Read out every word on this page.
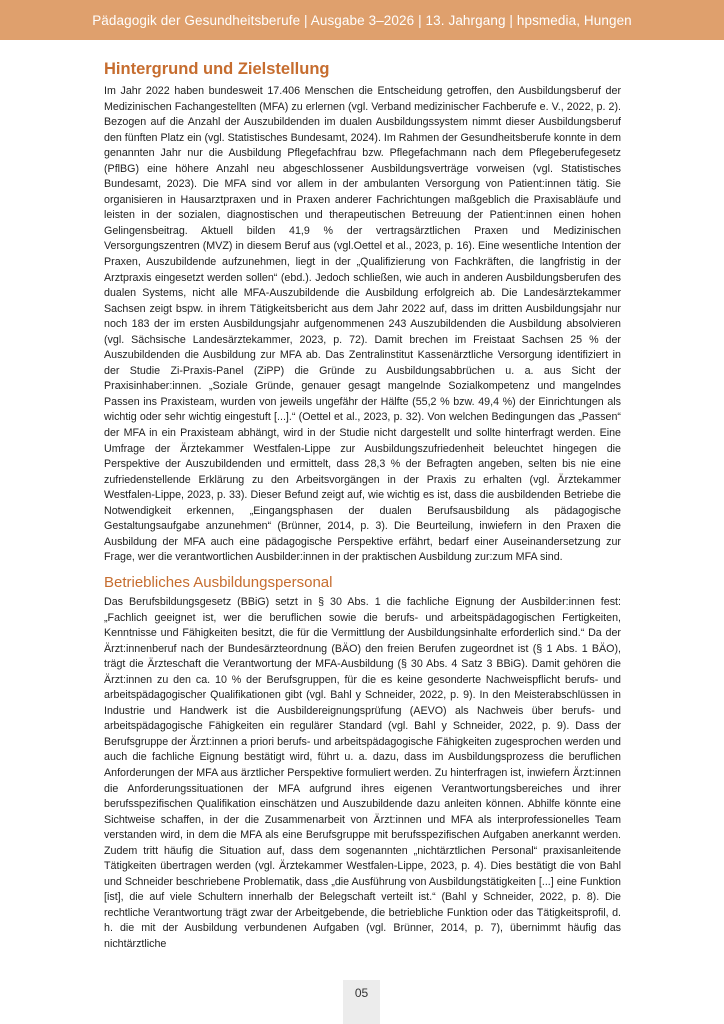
Pädagogik der Gesundheitsberufe | Ausgabe 3–2026 | 13. Jahrgang | hpsmedia, Hungen
Hintergrund und Zielstellung

Im Jahr 2022 haben bundesweit 17.406 Menschen die Entscheidung getroffen, den Ausbildungsberuf der Medizinischen Fachangestellten (MFA) zu erlernen (vgl. Verband medizinischer Fachberufe e. V., 2022, p. 2). Bezogen auf die Anzahl der Auszubildenden im dualen Ausbildungssystem nimmt dieser Ausbildungsberuf den fünften Platz ein (vgl. Statistisches Bundesamt, 2024). Im Rahmen der Gesundheitsberufe konnte in dem genannten Jahr nur die Ausbildung Pflegefachfrau bzw. Pflegefachmann nach dem Pflegeberufegesetz (PflBG) eine höhere Anzahl neu abgeschlossener Ausbildungsverträge vorweisen (vgl. Statistisches Bundesamt, 2023). Die MFA sind vor allem in der ambulanten Versorgung von Patient:innen tätig. Sie organisieren in Hausarztpraxen und in Praxen anderer Fachrichtungen maßgeblich die Praxisabläufe und leisten in der sozialen, diagnostischen und therapeutischen Betreuung der Patient:innen einen hohen Gelingensbeitrag. Aktuell bilden 41,9 % der vertragsärztlichen Praxen und Medizinischen Versorgungszentren (MVZ) in diesem Beruf aus (vgl.Oettel et al., 2023, p. 16). Eine wesentliche Intention der Praxen, Auszubildende aufzunehmen, liegt in der „Qualifizierung von Fachkräften, die langfristig in der Arztpraxis eingesetzt werden sollen“ (ebd.). Jedoch schließen, wie auch in anderen Ausbildungsberufen des dualen Systems, nicht alle MFA-Auszubildende die Ausbildung erfolgreich ab. Die Landesärztekammer Sachsen zeigt bspw. in ihrem Tätigkeitsbericht aus dem Jahr 2022 auf, dass im dritten Ausbildungsjahr nur noch 183 der im ersten Ausbildungsjahr aufgenommenen 243 Auszubildenden die Ausbildung absolvieren (vgl. Sächsische Landesärztekammer, 2023, p. 72). Damit brechen im Freistaat Sachsen 25 % der Auszubildenden die Ausbildung zur MFA ab. Das Zentralinstitut Kassenärztliche Versorgung identifiziert in der Studie Zi-Praxis-Panel (ZiPP) die Gründe zu Ausbildungsabbrüchen u. a. aus Sicht der Praxisinhaber:innen. „Soziale Gründe, genauer gesagt mangelnde Sozialkompetenz und mangelndes Passen ins Praxisteam, wurden von jeweils ungefähr der Hälfte (55,2 % bzw. 49,4 %) der Einrichtungen als wichtig oder sehr wichtig eingestuft [...].“ (Oettel et al., 2023, p. 32). Von welchen Bedingungen das „Passen“ der MFA in ein Praxisteam abhängt, wird in der Studie nicht dargestellt und sollte hinterfragt werden. Eine Umfrage der Ärztekammer Westfalen-Lippe zur Ausbildungszufriedenheit beleuchtet hingegen die Perspektive der Auszubildenden und ermittelt, dass 28,3 % der Befragten angeben, selten bis nie eine zufriedenstellende Erklärung zu den Arbeitsvorgängen in der Praxis zu erhalten (vgl. Ärztekammer Westfalen-Lippe, 2023, p. 33). Dieser Befund zeigt auf, wie wichtig es ist, dass die ausbildenden Betriebe die Notwendigkeit erkennen, „Eingangsphasen der dualen Berufsausbildung als pädagogische Gestaltungsaufgabe anzunehmen“ (Brünner, 2014, p. 3). Die Beurteilung, inwiefern in den Praxen die Ausbildung der MFA auch eine pädagogische Perspektive erfährt, bedarf einer Auseinandersetzung zur Frage, wer die verantwortlichen Ausbilder:innen in der praktischen Ausbildung zur:zum MFA sind.

Betriebliches Ausbildungspersonal

Das Berufsbildungsgesetz (BBiG) setzt in § 30 Abs. 1 die fachliche Eignung der Ausbilder:innen fest: „Fachlich geeignet ist, wer die beruflichen sowie die berufs- und arbeitspädagogischen Fertigkeiten, Kenntnisse und Fähigkeiten besitzt, die für die Vermittlung der Ausbildungsinhalte erforderlich sind.“ Da der Ärzt:innenberuf nach der Bundesärzteordnung (BÄO) den freien Berufen zugeordnet ist (§ 1 Abs. 1 BÄO), trägt die Ärzteschaft die Verantwortung der MFA-Ausbildung (§ 30 Abs. 4 Satz 3 BBiG). Damit gehören die Ärzt:innen zu den ca. 10 % der Berufsgruppen, für die es keine gesonderte Nachweispflicht berufs- und arbeitspädagogischer Qualifikationen gibt (vgl. Bahl y Schneider, 2022, p. 9). In den Meisterabschlüssen in Industrie und Handwerk ist die Ausbildereignungsprüfung (AEVO) als Nachweis über berufs- und arbeitspädagogische Fähigkeiten ein regulärer Standard (vgl. Bahl y Schneider, 2022, p. 9). Dass der Berufsgruppe der Ärzt:innen a priori berufs- und arbeitspädagogische Fähigkeiten zugesprochen werden und auch die fachliche Eignung bestätigt wird, führt u. a. dazu, dass im Ausbildungsprozess die beruflichen Anforderungen der MFA aus ärztlicher Perspektive formuliert werden. Zu hinterfragen ist, inwiefern Ärzt:innen die Anforderungssituationen der MFA aufgrund ihres eigenen Verantwortungsbereiches und ihrer berufsspezifischen Qualifikation einschätzen und Auszubildende dazu anleiten können. Abhilfe könnte eine Sichtweise schaffen, in der die Zusammenarbeit von Ärzt:innen und MFA als interprofessionelles Team verstanden wird, in dem die MFA als eine Berufsgruppe mit berufsspezifischen Aufgaben anerkannt werden. Zudem tritt häufig die Situation auf, dass dem sogenannten „nichtärztlichen Personal“ praxisanleitende Tätigkeiten übertragen werden (vgl. Ärztekammer Westfalen-Lippe, 2023, p. 4). Dies bestätigt die von Bahl und Schneider beschriebene Problematik, dass „die Ausführung von Ausbildungstätigkeiten [...] eine Funktion [ist], die auf viele Schultern innerhalb der Belegschaft verteilt ist.“ (Bahl y Schneider, 2022, p. 8). Die rechtliche Verantwortung trägt zwar der Arbeitgebende, die betriebliche Funktion oder das Tätigkeitsprofil, d. h. die mit der Ausbildung verbundenen Aufgaben (vgl. Brünner, 2014, p. 7), übernimmt häufig das nichtärztliche

05
